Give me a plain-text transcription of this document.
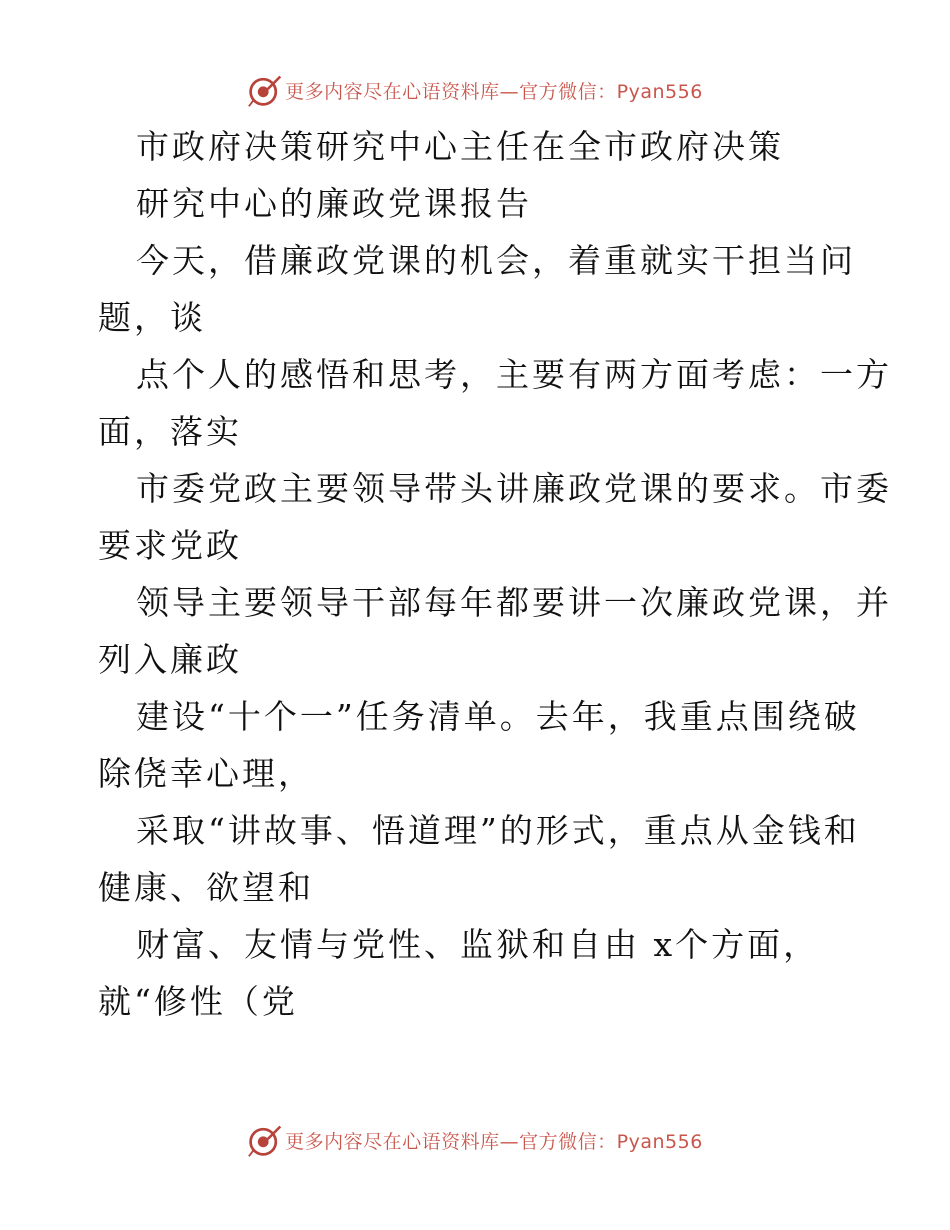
更多内容尽在心语资料库—官方微信：Pyan556
市政府决策研究中心主任在全市政府决策
研究中心的廉政党课报告
今天，借廉政党课的机会，着重就实干担当问
题，谈
点个人的感悟和思考，主要有两方面考虑：一方
面，落实
市委党政主要领导带头讲廉政党课的要求。市委
要求党政
领导主要领导干部每年都要讲一次廉政党课，并
列入廉政
建设“十个一”任务清单。去年，我重点围绕破
除侥幸心理，
采取“讲故事、悟道理”的形式，重点从金钱和
健康、欲望和
财富、友情与党性、监狱和自由 x个方面，
就“修性（党
更多内容尽在心语资料库—官方微信：Pyan556
